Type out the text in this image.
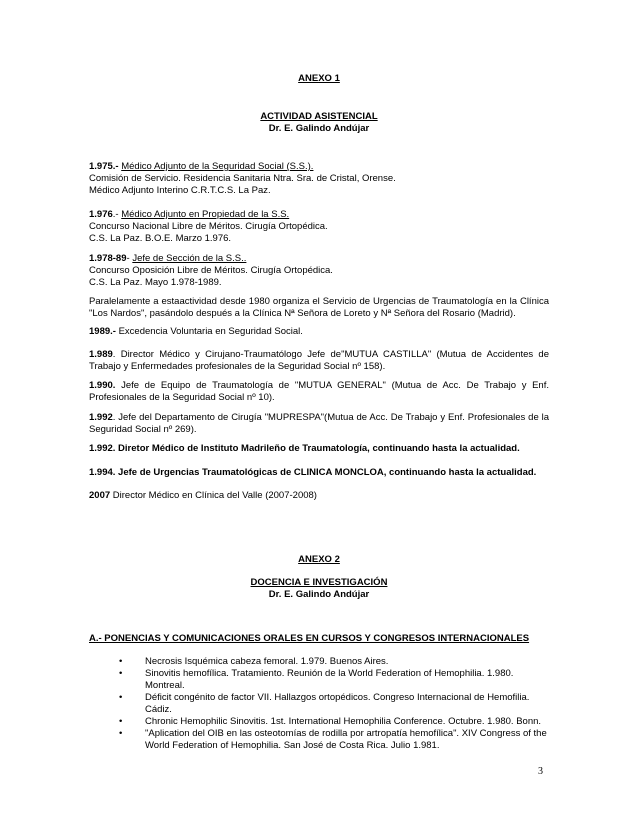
ANEXO 1
ACTIVIDAD ASISTENCIAL
Dr. E. Galindo Andújar

1.975.- Médico Adjunto de la Seguridad Social (S.S.).

Comisión de Servicio. Residencia Sanitaria Ntra. Sra. de Cristal, Orense.

Médico Adjunto Interino C.R.T.C.S. La Paz.

1.976.- Médico Adjunto en Propiedad de la S.S.

Concurso Nacional Libre de Méritos. Cirugía Ortopédica.

C.S. La Paz. B.O.E. Marzo 1.976.

1.978-89- Jefe de Sección de la S.S..

Concurso Oposición Libre de Méritos. Cirugía Ortopédica.

C.S. La Paz. Mayo 1.978-1989.

Paralelamente a estaactividad desde 1980 organiza el Servicio de Urgencias de Traumatología en la Clínica "Los Nardos", pasándolo después a la Clínica Nª Señora de Loreto y Nª Señora del Rosario (Madrid).

1989.- Excedencia Voluntaria en Seguridad Social.

1.989. Director Médico y Cirujano-Traumatólogo Jefe de"MUTUA CASTILLA" (Mutua de Accidentes de Trabajo y Enfermedades profesionales de la Seguridad Social nº 158).

1.990. Jefe de Equipo de Traumatología de "MUTUA GENERAL" (Mutua de Acc. De Trabajo y Enf. Profesionales de la Seguridad Social nº 10).

1.992. Jefe del Departamento de Cirugía "MUPRESPA"(Mutua de Acc. De Trabajo y Enf. Profesionales de la Seguridad Social nº 269).

1.992. Diretor Médico de Instituto Madrileño de Traumatología, continuando hasta la actualidad.

1.994. Jefe de Urgencias Traumatológicas de CLINICA MONCLOA, continuando hasta la actualidad.

2007 Director Médico en Clínica del Valle (2007-2008)

ANEXO 2
DOCENCIA E INVESTIGACIÓN
Dr. E. Galindo Andújar

A.- PONENCIAS Y COMUNICACIONES ORALES EN CURSOS Y CONGRESOS INTERNACIONALES

• Necrosis Isquémica cabeza femoral. 1.979. Buenos Aires.
• Sinovitis hemofílica. Tratamiento. Reunión de la World Federation of Hemophilia. 1.980.
Montreal.
• Déficit congénito de factor VII. Hallazgos ortopédicos. Congreso Internacional de Hemofilia.
Cádiz.
• Chronic Hemophilic Sinovitis. 1st. International Hemophilia Conference. Octubre. 1.980. Bonn.
• "Aplication del OIB en las osteotomías de rodilla por artropatía hemofílica". XIV Congress of the
World Federation of Hemophilia. San José de Costa Rica. Julio 1.981.
3
